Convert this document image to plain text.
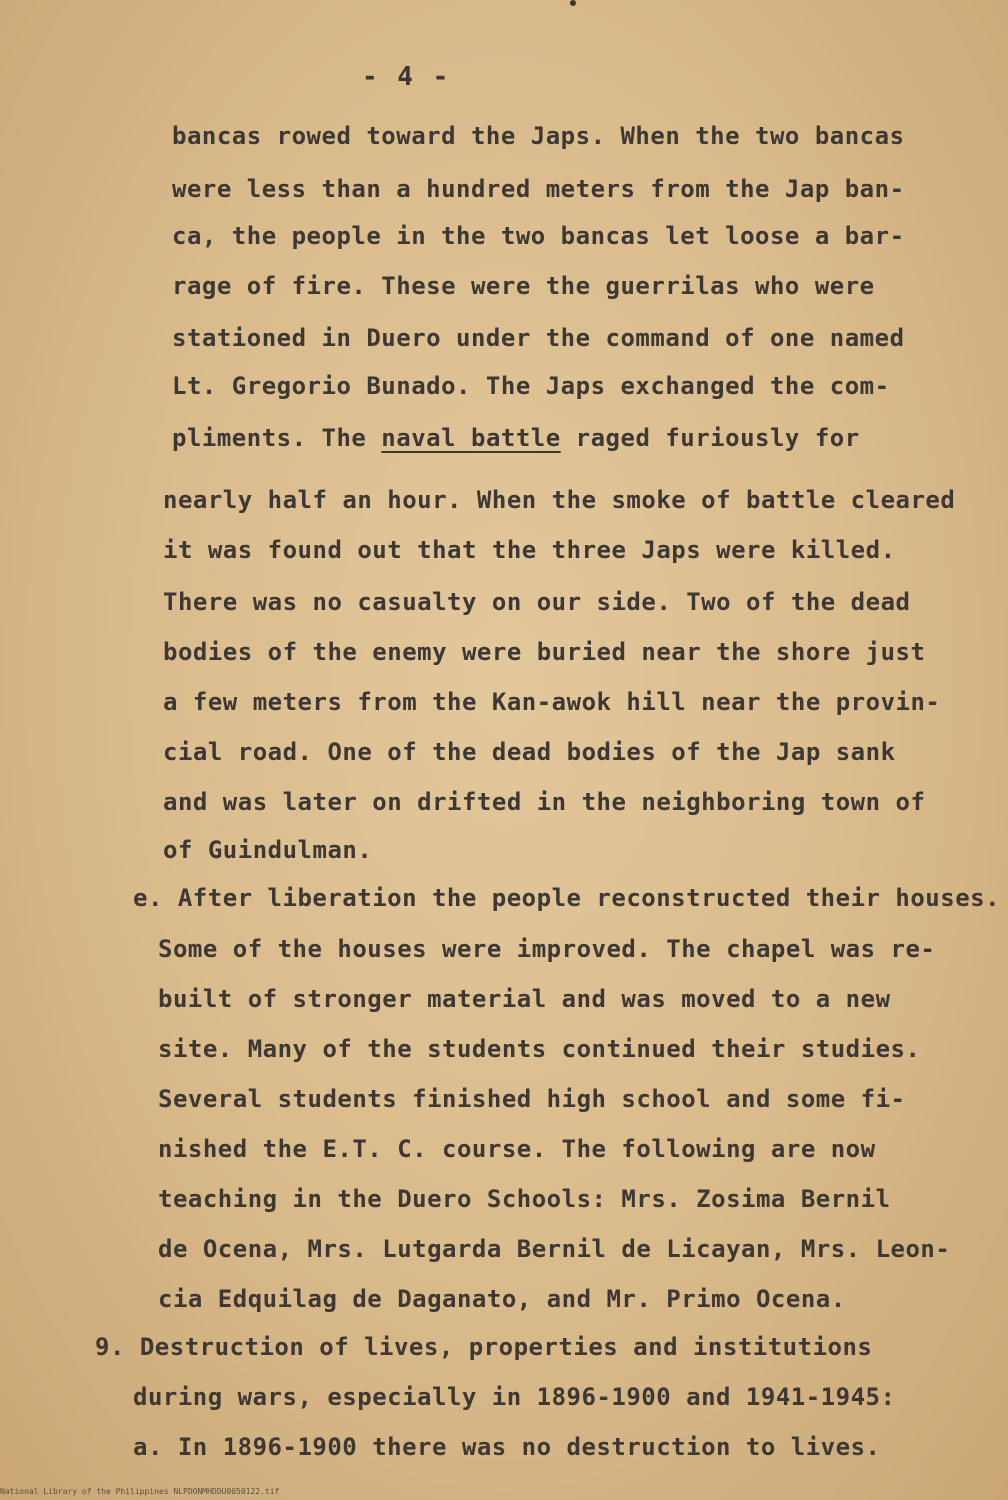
- 4 -
bancas rowed toward the Japs. When the two bancas
were less than a hundred meters from the Jap ban-
ca, the people in the two bancas let loose a bar-
rage of fire. These were the guerrilas who were
stationed in Duero under the command of one named
Lt. Gregorio Bunado. The Japs exchanged the com-
pliments. The naval battle raged furiously for
nearly half an hour. When the smoke of battle cleared
it was found out that the three Japs were killed.
There was no casualty on our side. Two of the dead
bodies of the enemy were buried near the shore just
a few meters from the Kan-awok hill near the provin-
cial road. One of the dead bodies of the Jap sank
and was later on drifted in the neighboring town of
of Guindulman.
e. After liberation the people reconstructed their houses.
Some of the houses were improved. The chapel was re-
built of stronger material and was moved to a new
site. Many of the students continued their studies.
Several students finished high school and some fi-
nished the E.T. C. course. The following are now
teaching in the Duero Schools: Mrs. Zosima Bernil
de Ocena, Mrs. Lutgarda Bernil de Licayan, Mrs. Leon-
cia Edquilag de Daganato, and Mr. Primo Ocena.
9. Destruction of lives, properties and institutions
during wars, especially in 1896-1900 and 1941-1945:
a. In 1896-1900 there was no destruction to lives.
National Library of the Philippines NLPDONMHDDU0050122.tif
